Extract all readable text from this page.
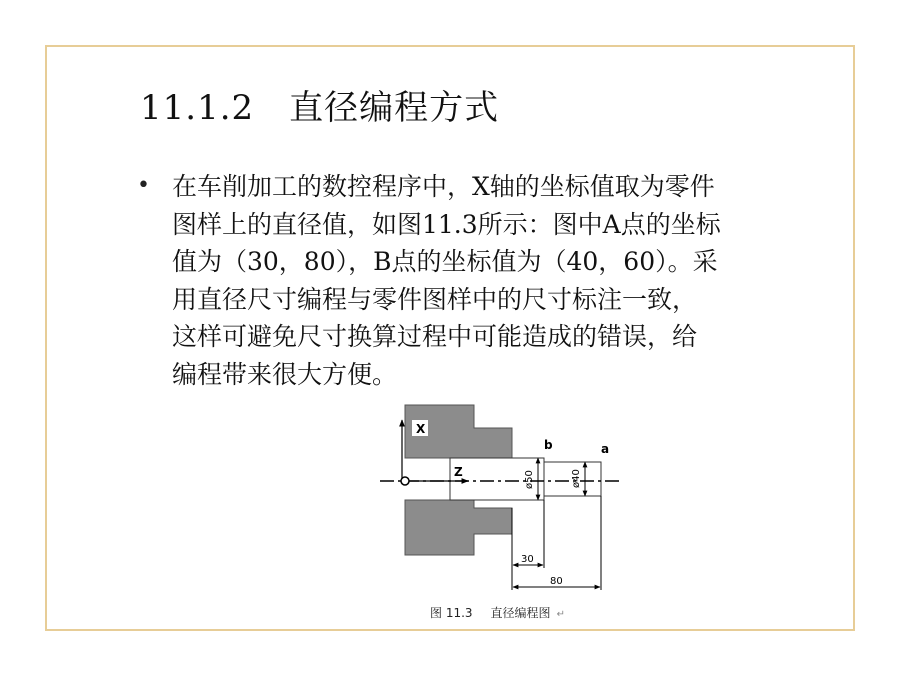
11.1.2　直径编程方式
• 在车削加工的数控程序中，X轴的坐标值取为零件
图样上的直径值，如图11.3所示：图中A点的坐标
值为（30，80），B点的坐标值为（40，60）。采
用直径尺寸编程与零件图样中的尺寸标注一致，
这样可避免尺寸换算过程中可能造成的错误，给
编程带来很大方便。

X
Z
b	a
ø50	ø40
30
80
图 11.3 直径编程图 ↵
